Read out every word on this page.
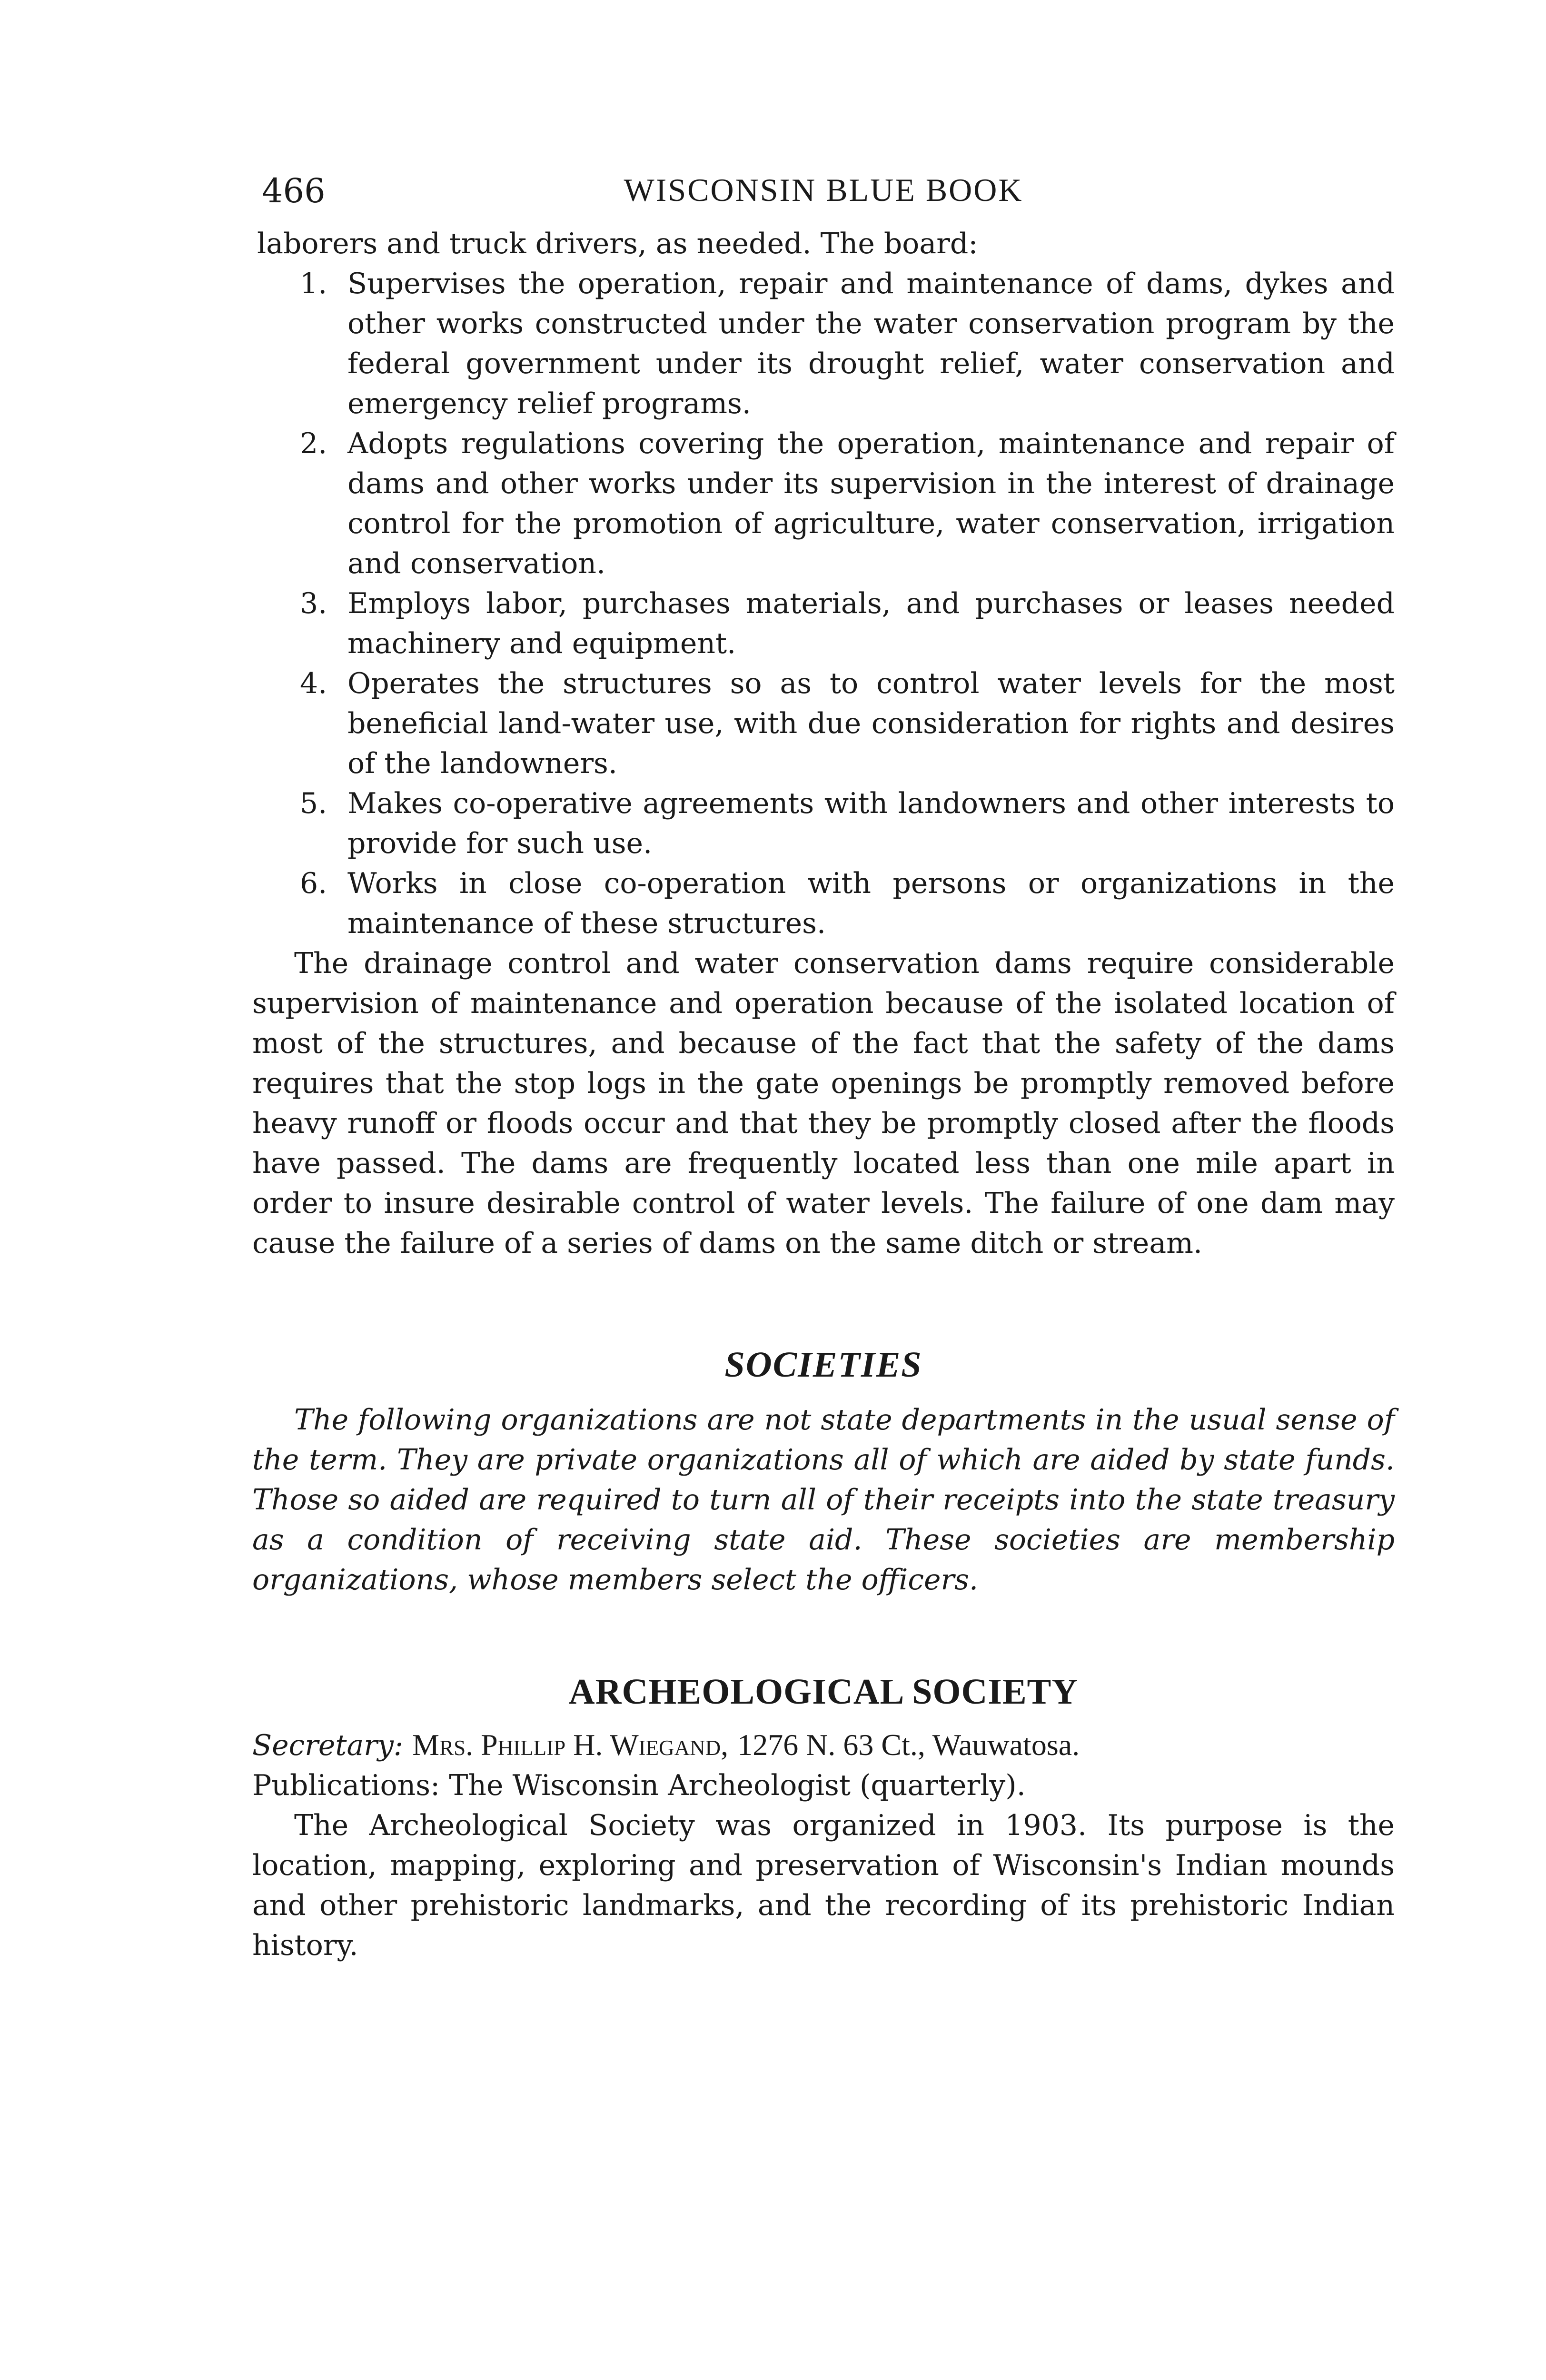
466	WISCONSIN BLUE BOOK

laborers and truck drivers, as needed. The board:

1. Supervises the operation, repair and maintenance of dams, dykes and other works constructed under the water conservation program by the federal government under its drought relief, water conservation and emergency relief programs.
2. Adopts regulations covering the operation, maintenance and repair of dams and other works under its supervision in the interest of drainage control for the promotion of agriculture, water conservation, irrigation and conservation.
3. Employs labor, purchases materials, and purchases or leases needed machinery and equipment.
4. Operates the structures so as to control water levels for the most beneficial land-water use, with due consideration for rights and desires of the landowners.
5. Makes co-operative agreements with landowners and other interests to provide for such use.
6. Works in close co-operation with persons or organizations in the maintenance of these structures.

The drainage control and water conservation dams require considerable supervision of maintenance and operation because of the isolated location of most of the structures, and because of the fact that the safety of the dams requires that the stop logs in the gate openings be promptly removed before heavy runoff or floods occur and that they be promptly closed after the floods have passed. The dams are frequently located less than one mile apart in order to insure desirable control of water levels. The failure of one dam may cause the failure of a series of dams on the same ditch or stream.

SOCIETIES

The following organizations are not state departments in the usual sense of the term. They are private organizations all of which are aided by state funds. Those so aided are required to turn all of their receipts into the state treasury as a condition of receiving state aid. These societies are membership organizations, whose members select the officers.

ARCHEOLOGICAL SOCIETY

Secretary: Mrs. Phillip H. Wiegand, 1276 N. 63 Ct., Wauwatosa.

Publications: The Wisconsin Archeologist (quarterly).

The Archeological Society was organized in 1903. Its purpose is the location, mapping, exploring and preservation of Wisconsin's Indian mounds and other prehistoric landmarks, and the recording of its prehistoric Indian history.
